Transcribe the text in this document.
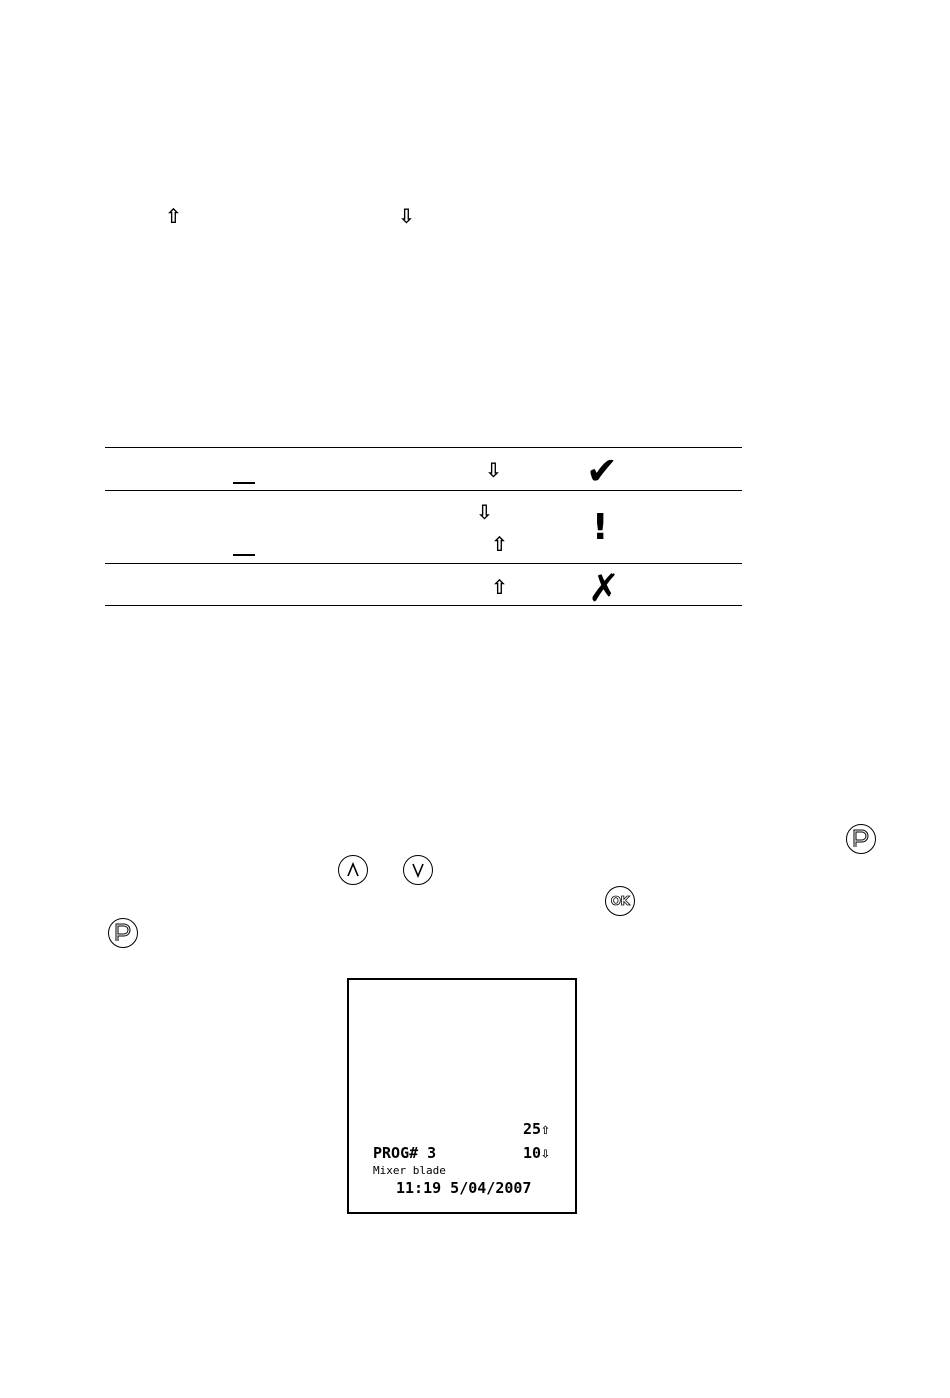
⇧	⇩
⇩ ✔
⇩
⇧ !
⇧ ✗
OK
25⇧
PROG# 3	10⇩
Mixer blade
11:19 5/04/2007
